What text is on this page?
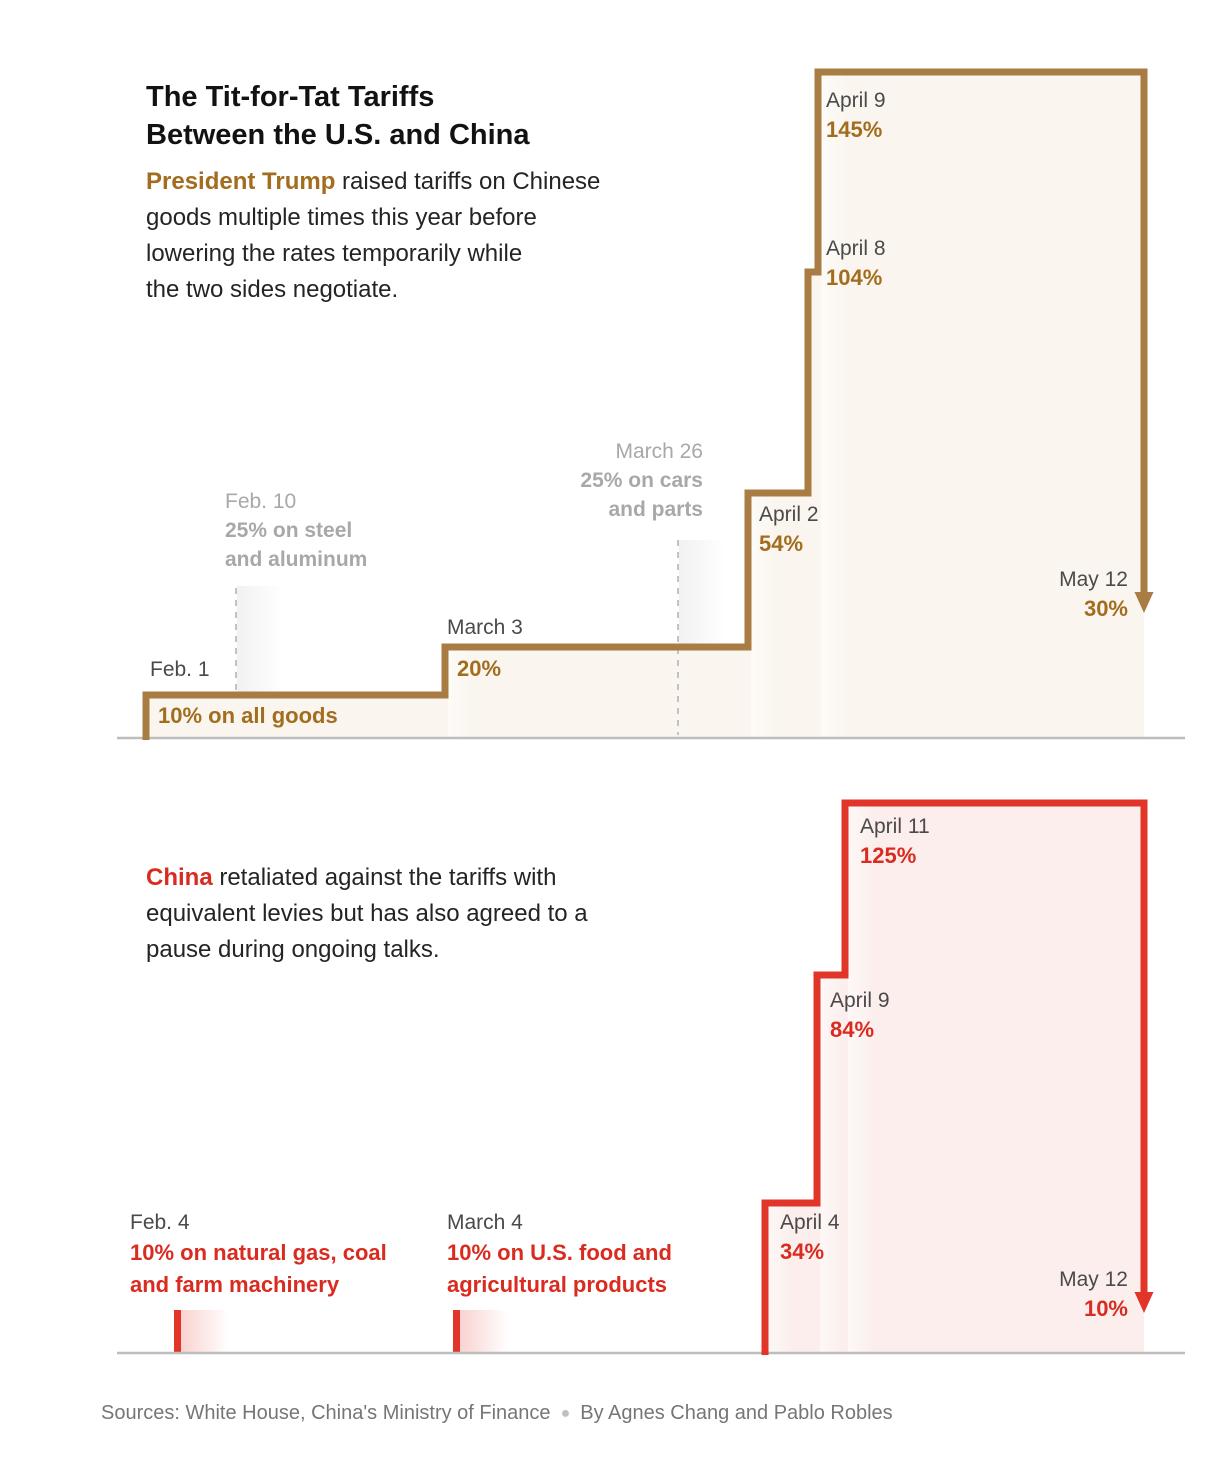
The Tit-for-Tat Tariffs
Between the U.S. and China
President Trump raised tariffs on Chinese
goods multiple times this year before
lowering the rates temporarily while
the two sides negotiate.
April 9
145%
April 8
104%
March 26
25% on cars
and parts	April 2
54%
Feb. 10
25% on steel
and aluminum
Feb. 1
10% on all goods
March 3
20%
May 12
30%
China retaliated against the tariffs with
equivalent levies but has also agreed to a
pause during ongoing talks.
April 11
125%
April 9
84%
April 4
34%
Feb. 4
10% on natural gas, coal
and farm machinery
March 4
10% on U.S. food and
agricultural products	May 12
10%
Sources: White House, China's Ministry of Finance ● By Agnes Chang and Pablo Robles
